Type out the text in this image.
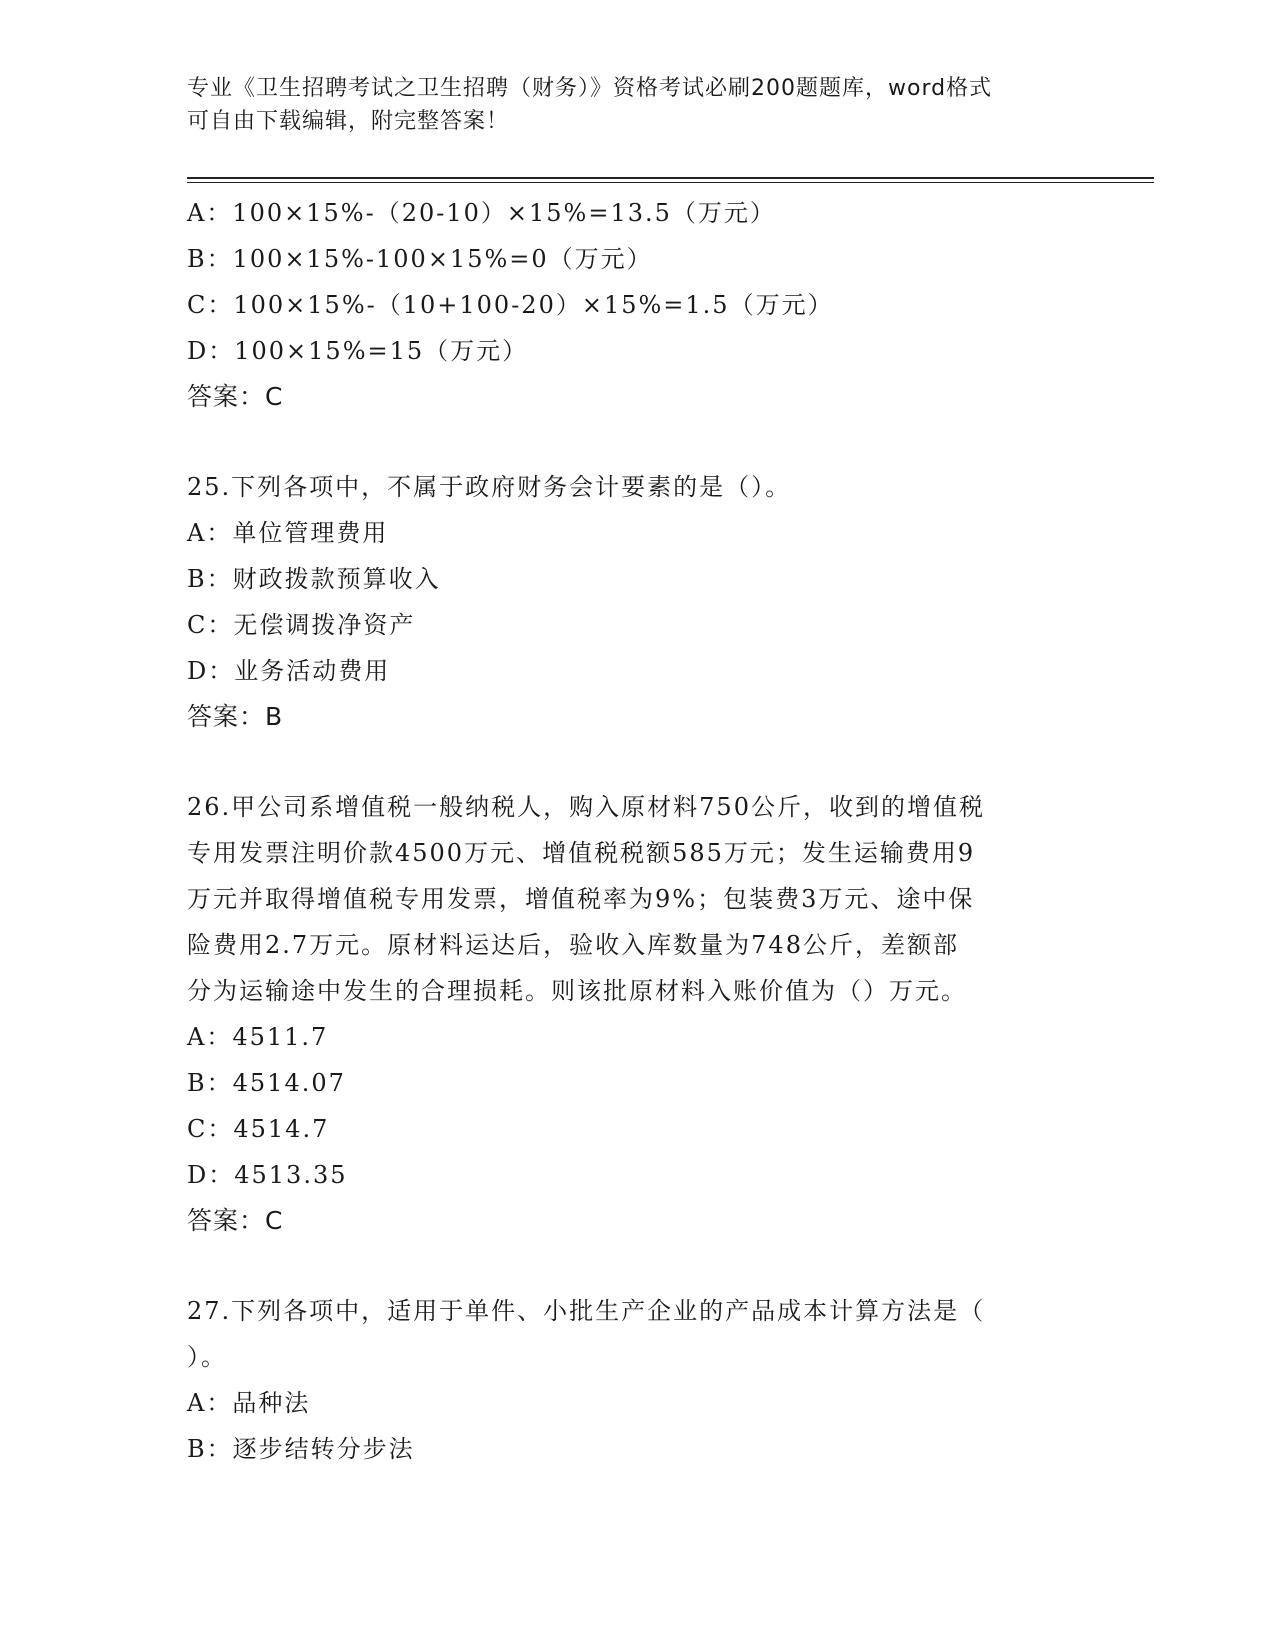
专业《卫生招聘考试之卫生招聘（财务）》资格考试必刷200题题库，word格式
可自由下载编辑，附完整答案！
A：100×15%-（20-10）×15%=13.5（万元）
B：100×15%-100×15%=0（万元）
C：100×15%-（10+100-20）×15%=1.5（万元）
D：100×15%=15（万元）
答案：C
25.下列各项中，不属于政府财务会计要素的是（）。
A：单位管理费用
B：财政拨款预算收入
C：无偿调拨净资产
D：业务活动费用
答案：B
26.甲公司系增值税一般纳税人，购入原材料750公斤，收到的增值税
专用发票注明价款4500万元、增值税税额585万元；发生运输费用9
万元并取得增值税专用发票，增值税率为9%；包装费3万元、途中保
险费用2.7万元。原材料运达后，验收入库数量为748公斤，差额部
分为运输途中发生的合理损耗。则该批原材料入账价值为（）万元。
A：4511.7
B：4514.07
C：4514.7
D：4513.35
答案：C
27.下列各项中，适用于单件、小批生产企业的产品成本计算方法是（
）。
A：品种法
B：逐步结转分步法
